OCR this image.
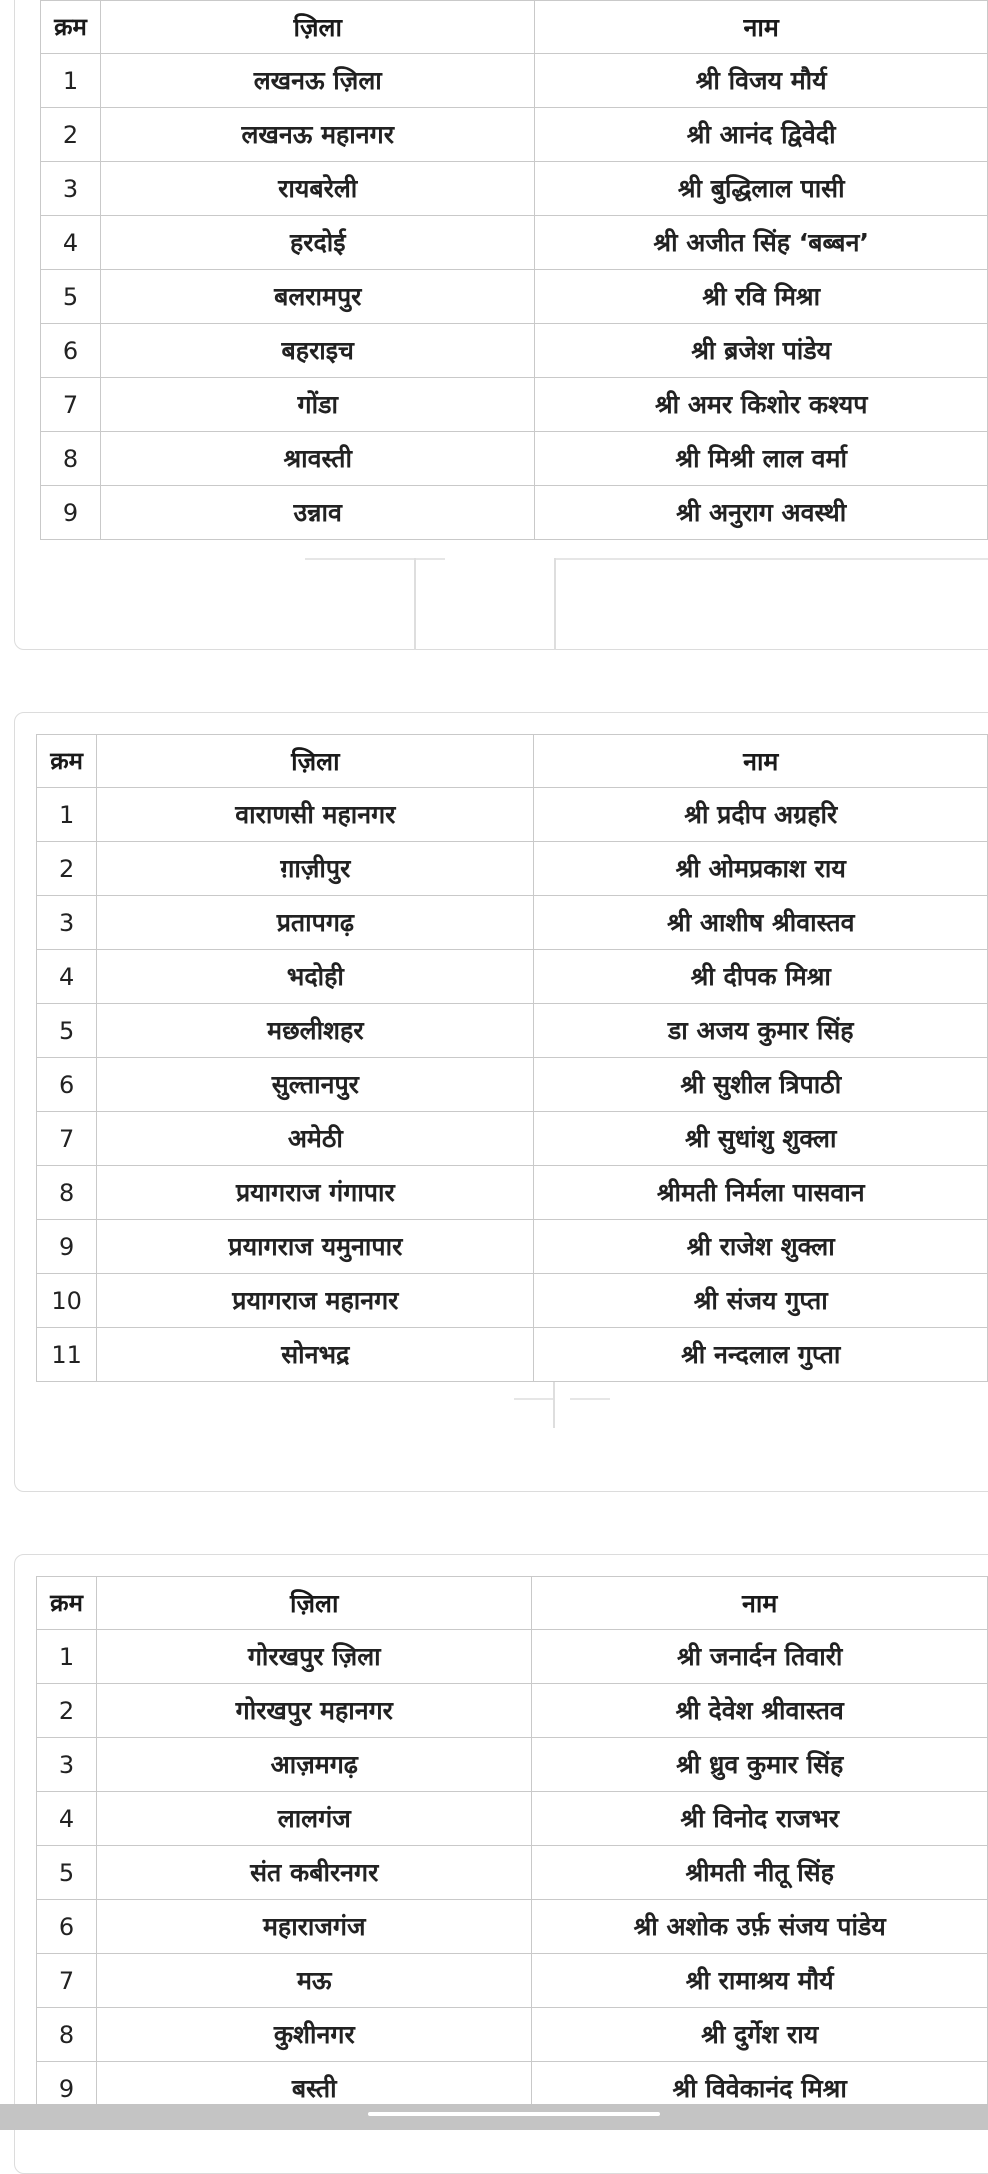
क्रम	ज़िला	नाम
1	लखनऊ ज़िला	श्री विजय मौर्य
2	लखनऊ महानगर	श्री आनंद द्विवेदी
3	रायबरेली	श्री बुद्धिलाल पासी
4	हरदोई	श्री अजीत सिंह ‘बब्बन’
5	बलरामपुर	श्री रवि मिश्रा
6	बहराइच	श्री ब्रजेश पांडेय
7	गोंडा	श्री अमर किशोर कश्यप
8	श्रावस्ती	श्री मिश्री लाल वर्मा
9	उन्नाव	श्री अनुराग अवस्थी
क्रम	ज़िला	नाम
1	वाराणसी महानगर	श्री प्रदीप अग्रहरि
2	ग़ाज़ीपुर	श्री ओमप्रकाश राय
3	प्रतापगढ़	श्री आशीष श्रीवास्तव
4	भदोही	श्री दीपक मिश्रा
5	मछलीशहर	डा अजय कुमार सिंह
6	सुल्तानपुर	श्री सुशील त्रिपाठी
7	अमेठी	श्री सुधांशु शुक्ला
8	प्रयागराज गंगापार	श्रीमती निर्मला पासवान
9	प्रयागराज यमुनापार	श्री राजेश शुक्ला
10	प्रयागराज महानगर	श्री संजय गुप्ता
11	सोनभद्र	श्री नन्दलाल गुप्ता
क्रम	ज़िला	नाम
1	गोरखपुर ज़िला	श्री जनार्दन तिवारी
2	गोरखपुर महानगर	श्री देवेश श्रीवास्तव
3	आज़मगढ़	श्री ध्रुव कुमार सिंह
4	लालगंज	श्री विनोद राजभर
5	संत कबीरनगर	श्रीमती नीतू सिंह
6	महाराजगंज	श्री अशोक उर्फ़ संजय पांडेय
7	मऊ	श्री रामाश्रय मौर्य
8	कुशीनगर	श्री दुर्गेश राय
9	बस्ती	श्री विवेकानंद मिश्रा
